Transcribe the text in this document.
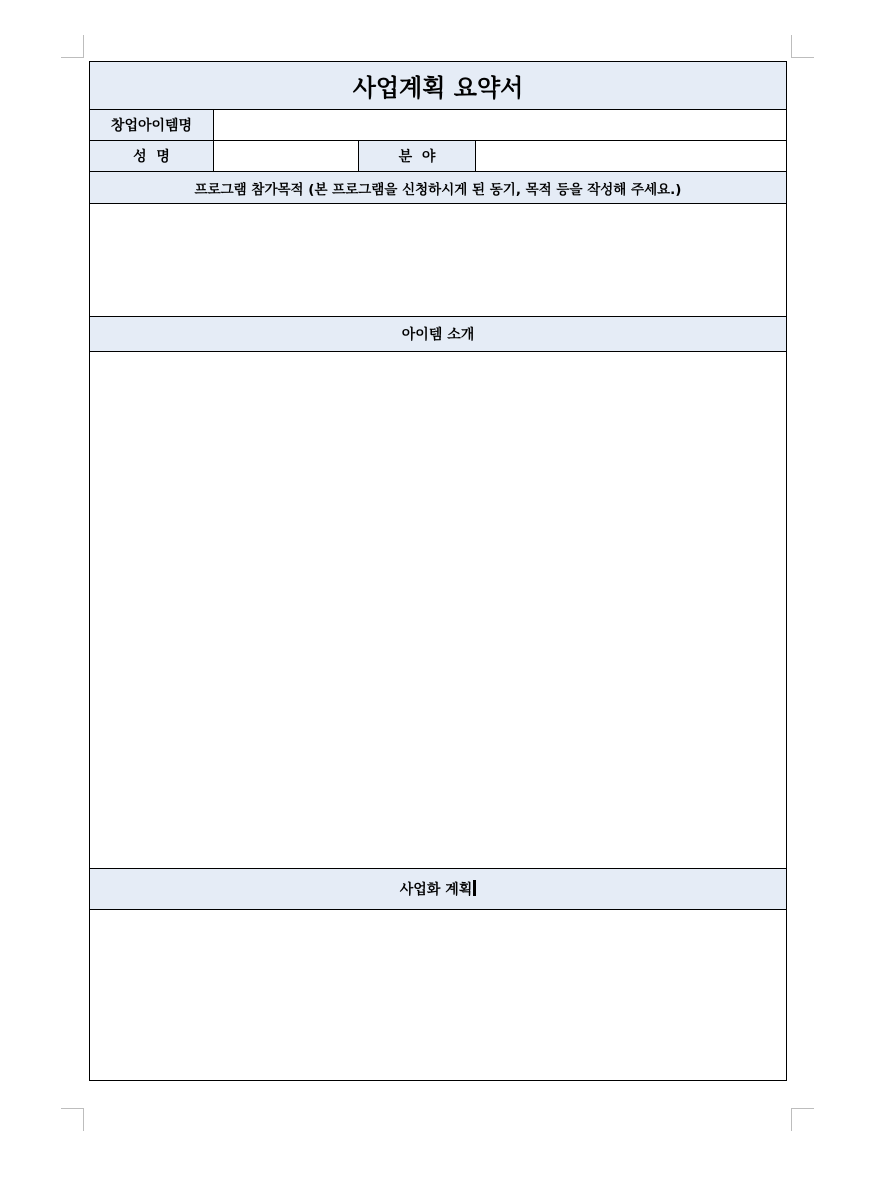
사업계획 요약서			
창업아이템명			
성  명		분  야	
프로그램 참가목적 (본 프로그램을 신청하시게 된 동기, 목적 등을 작성해 주세요.)			

아이템 소개			

사업화 계획			
